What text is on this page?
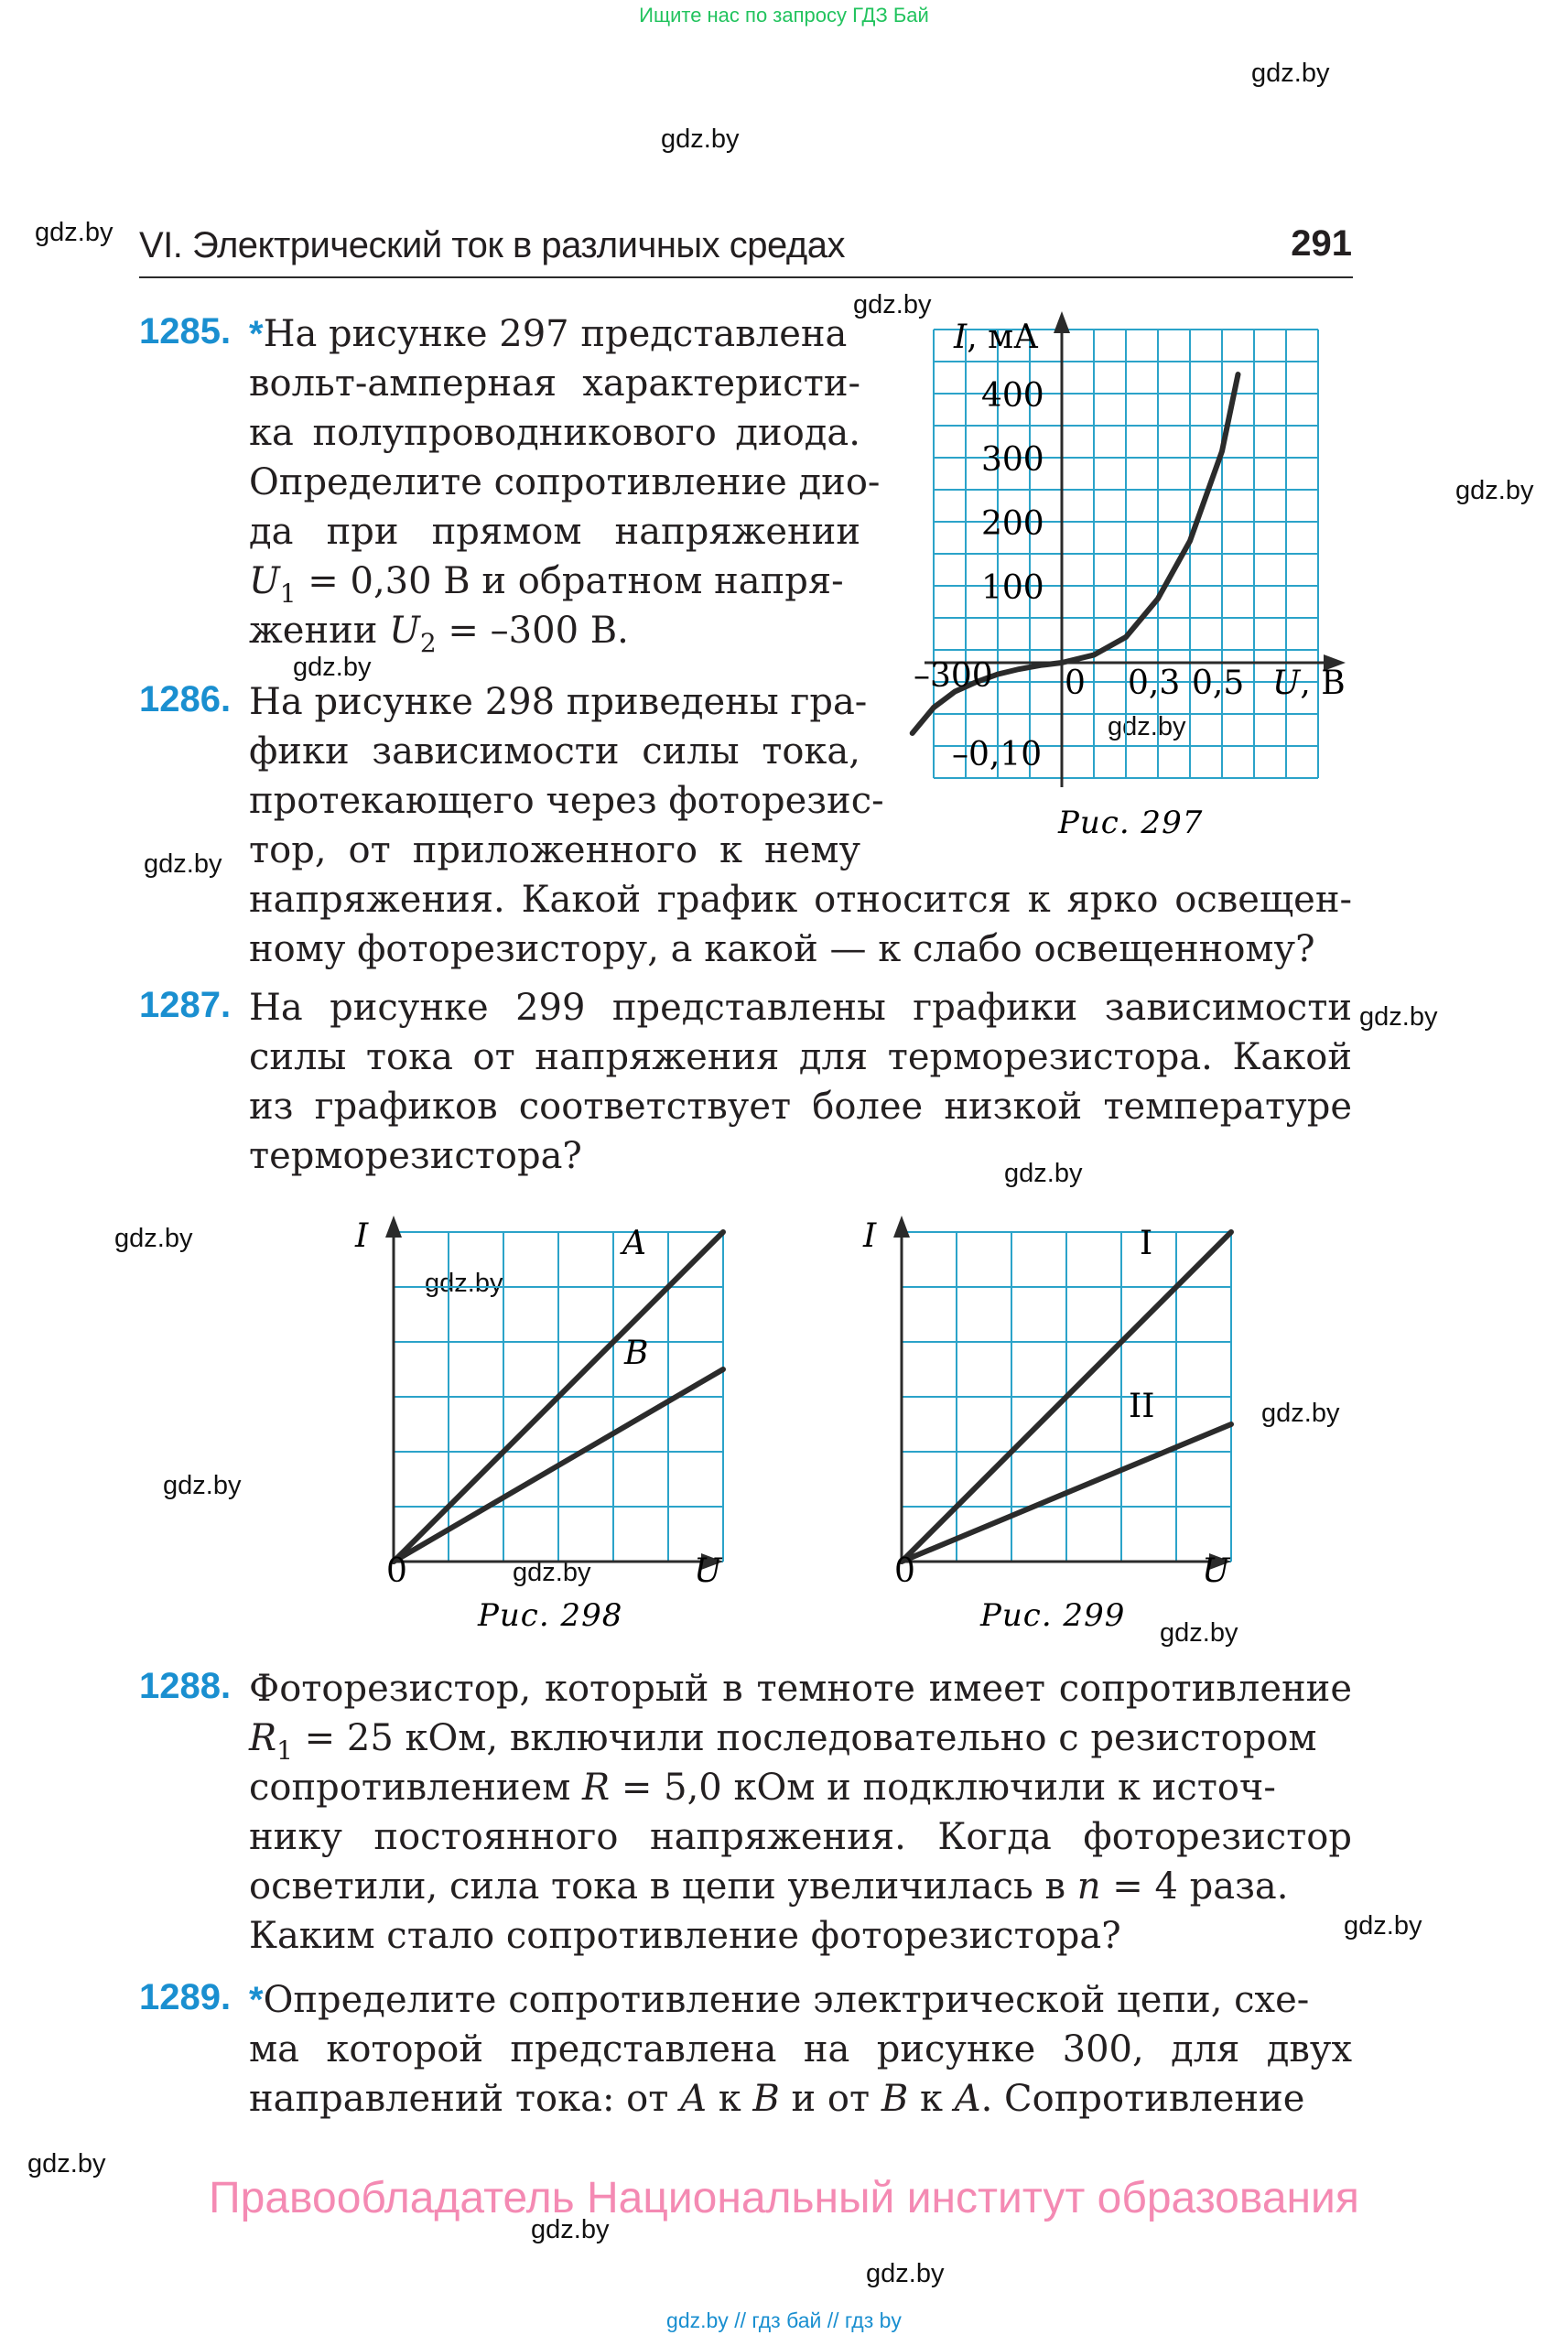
Ищите нас по запросу ГДЗ Бай
gdz.by
gdz.by
gdz.by
gdz.by
gdz.by
gdz.by
gdz.by
gdz.by
gdz.by
gdz.by
gdz.by
gdz.by
gdz.by
gdz.by
gdz.by
gdz.by
gdz.by
gdz.by
gdz.by
gdz.by
VI. Электрический ток в различных средах	291
1285. *На рисунке 297 представлена
вольт-амперная характеристи-
ка полупроводникового диода.
Определите сопротивление дио-
да при прямом напряжении
$U_1 = 0,30$ В и обратном напря-
жении $U_2 = -300$ В.
1286. На рисунке 298 приведены гра-
фики зависимости силы тока,
протекающего через фоторезис-
тор, от приложенного к нему
напряжения. Какой график относится к ярко освещен-
ному фоторезистору, а какой — к слабо освещенному?
1287. На рисунке 299 представлены графики зависимости
силы тока от напряжения для терморезистора. Какой
из графиков соответствует более низкой температуре
терморезистора?
I, мА
400
300
200
100
–0,10
–300 0 0,3 0,5 U, В
Рис. 297
I	A
B
0	U
Рис. 298
I	I
II
0	U
Рис. 299
1288. Фоторезистор, который в темноте имеет сопротивление
$R_1 = 25$ кОм, включили последовательно с резистором
сопротивлением R = 5,0 кОм и подключили к источ-
нику постоянного напряжения. Когда фоторезистор
осветили, сила тока в цепи увеличилась в n = 4 раза.
Каким стало сопротивление фоторезистора?
1289. *Определите сопротивление электрической цепи, схе-
ма которой представлена на рисунке 300, для двух
направлений тока: от A к B и от B к A. Сопротивление
Правообладатель Национальный институт образования
gdz.by // гдз бай // гдз by
